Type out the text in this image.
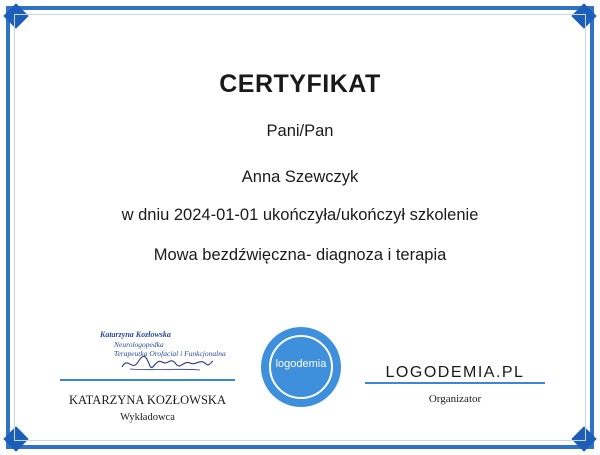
CERTYFIKAT
Pani/Pan
Anna Szewczyk
w dniu 2024-01-01 ukończyła/ukończył szkolenie
Mowa bezdźwięczna- diagnoza i terapia
Katarzyna Kozłowska
Neurologopedka
Terapeutka Orofacial i Funkcjonalna
KATARZYNA KOZŁOWSKA
Wykładowca
logodemia	LOGODEMIA.PL
Organizator
